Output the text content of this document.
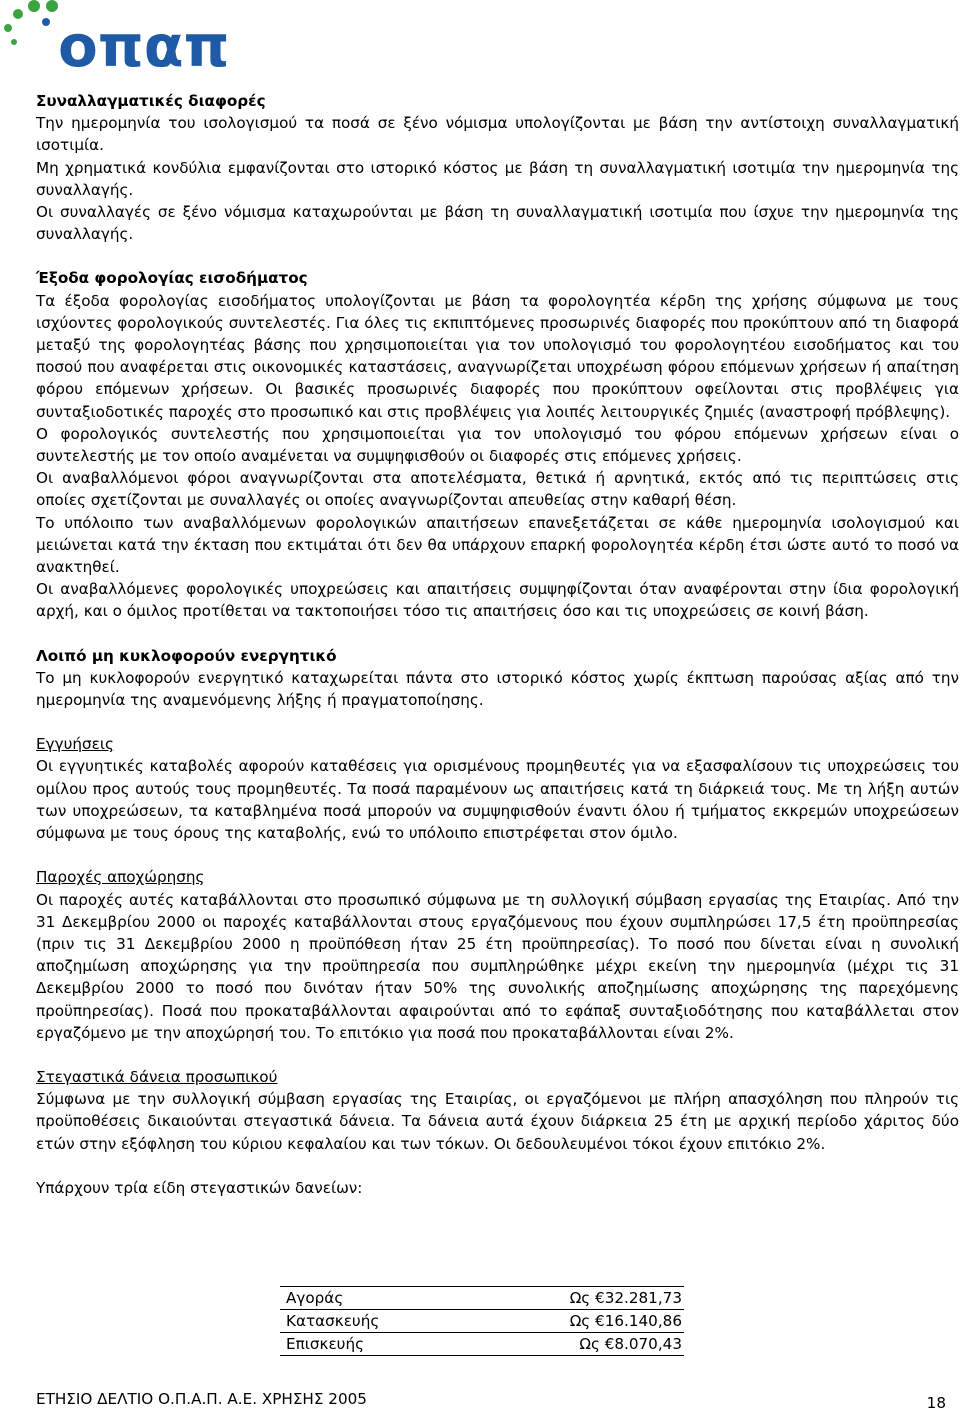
οπαπ
Συναλλαγματικές διαφορές

Την ημερομηνία του ισολογισμού τα ποσά σε ξένο νόμισμα υπολογίζονται με βάση την αντίστοιχη συναλλαγματική ισοτιμία.

Μη χρηματικά κονδύλια εμφανίζονται στο ιστορικό κόστος με βάση τη συναλλαγματική ισοτιμία την ημερομηνία της συναλλαγής.

Οι συναλλαγές σε ξένο νόμισμα καταχωρούνται με βάση τη συναλλαγματική ισοτιμία που ίσχυε την ημερομηνία της συναλλαγής.

Έξοδα φορολογίας εισοδήματος

Τα έξοδα φορολογίας εισοδήματος υπολογίζονται με βάση τα φορολογητέα κέρδη της χρήσης σύμφωνα με τους ισχύοντες φορολογικούς συντελεστές. Για όλες τις εκπιπτόμενες προσωρινές διαφορές που προκύπτουν από τη διαφορά μεταξύ της φορολογητέας βάσης που χρησιμοποιείται για τον υπολογισμό του φορολογητέου εισοδήματος και του ποσού που αναφέρεται στις οικονομικές καταστάσεις, αναγνωρίζεται υποχρέωση φόρου επόμενων χρήσεων ή απαίτηση φόρου επόμενων χρήσεων. Οι βασικές προσωρινές διαφορές που προκύπτουν οφείλονται στις προβλέψεις για συνταξιοδοτικές παροχές στο προσωπικό και στις προβλέψεις για λοιπές λειτουργικές ζημιές (αναστροφή πρόβλεψης).

Ο φορολογικός συντελεστής που χρησιμοποιείται για τον υπολογισμό του φόρου επόμενων χρήσεων είναι ο συντελεστής με τον οποίο αναμένεται να συμψηφισθούν οι διαφορές στις επόμενες χρήσεις.

Οι αναβαλλόμενοι φόροι αναγνωρίζονται στα αποτελέσματα, θετικά ή αρνητικά, εκτός από τις περιπτώσεις στις οποίες σχετίζονται με συναλλαγές οι οποίες αναγνωρίζονται απευθείας στην καθαρή θέση.

Το υπόλοιπο των αναβαλλόμενων φορολογικών απαιτήσεων επανεξετάζεται σε κάθε ημερομηνία ισολογισμού και μειώνεται κατά την έκταση που εκτιμάται ότι δεν θα υπάρχουν επαρκή φορολογητέα κέρδη έτσι ώστε αυτό το ποσό να ανακτηθεί.

Οι αναβαλλόμενες φορολογικές υποχρεώσεις και απαιτήσεις συμψηφίζονται όταν αναφέρονται στην ίδια φορολογική αρχή, και ο όμιλος προτίθεται να τακτοποιήσει τόσο τις απαιτήσεις όσο και τις υποχρεώσεις σε κοινή βάση.

Λοιπό μη κυκλοφορούν ενεργητικό

Το μη κυκλοφορούν ενεργητικό καταχωρείται πάντα στο ιστορικό κόστος χωρίς έκπτωση παρούσας αξίας από την ημερομηνία της αναμενόμενης λήξης ή πραγματοποίησης.

Εγγυήσεις

Οι εγγυητικές καταβολές αφορούν καταθέσεις για ορισμένους προμηθευτές για να εξασφαλίσουν τις υποχρεώσεις του ομίλου προς αυτούς τους προμηθευτές. Τα ποσά παραμένουν ως απαιτήσεις κατά τη διάρκειά τους. Με τη λήξη αυτών των υποχρεώσεων, τα καταβλημένα ποσά μπορούν να συμψηφισθούν έναντι όλου ή τμήματος εκκρεμών υποχρεώσεων σύμφωνα με τους όρους της καταβολής, ενώ το υπόλοιπο επιστρέφεται στον όμιλο.

Παροχές αποχώρησης

Οι παροχές αυτές καταβάλλονται στο προσωπικό σύμφωνα με τη συλλογική σύμβαση εργασίας της Εταιρίας. Από την 31 Δεκεμβρίου 2000 οι παροχές καταβάλλονται στους εργαζόμενους που έχουν συμπληρώσει 17,5 έτη προϋπηρεσίας (πριν τις 31 Δεκεμβρίου 2000 η προϋπόθεση ήταν 25 έτη προϋπηρεσίας). Το ποσό που δίνεται είναι η συνολική αποζημίωση αποχώρησης για την προϋπηρεσία που συμπληρώθηκε μέχρι εκείνη την ημερομηνία (μέχρι τις 31 Δεκεμβρίου 2000 το ποσό που δινόταν ήταν 50% της συνολικής αποζημίωσης αποχώρησης της παρεχόμενης προϋπηρεσίας). Ποσά που προκαταβάλλονται αφαιρούνται από το εφάπαξ συνταξιοδότησης που καταβάλλεται στον εργαζόμενο με την αποχώρησή του. Το επιτόκιο για ποσά που προκαταβάλλονται είναι 2%.

Στεγαστικά δάνεια προσωπικού

Σύμφωνα με την συλλογική σύμβαση εργασίας της Εταιρίας, οι εργαζόμενοι με πλήρη απασχόληση που πληρούν τις προϋποθέσεις δικαιούνται στεγαστικά δάνεια. Τα δάνεια αυτά έχουν διάρκεια 25 έτη με αρχική περίοδο χάριτος δύο ετών στην εξόφληση του κύριου κεφαλαίου και των τόκων. Οι δεδουλευμένοι τόκοι έχουν επιτόκιο 2%.

Υπάρχουν τρία είδη στεγαστικών δανείων:

Αγοράς	Ως €32.281,73
Κατασκευής	Ως €16.140,86
Επισκευής	Ως €8.070,43
ΕΤΗΣΙΟ ΔΕΛΤΙΟ Ο.Π.Α.Π. Α.Ε. ΧΡΗΣΗΣ 2005	18
